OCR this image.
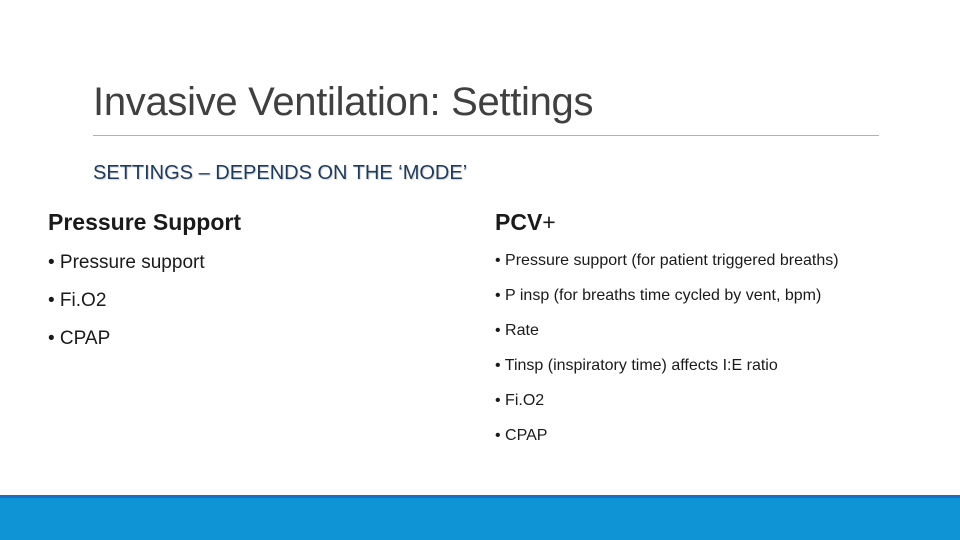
Invasive Ventilation: Settings
SETTINGS – DEPENDS ON THE ‘MODE’
Pressure Support
• Pressure support
• Fi.O2
• CPAP
PCV+
• Pressure support (for patient triggered breaths)
• P insp (for breaths time cycled by vent, bpm)
• Rate
• Tinsp (inspiratory time) affects I:E ratio
• Fi.O2
• CPAP
